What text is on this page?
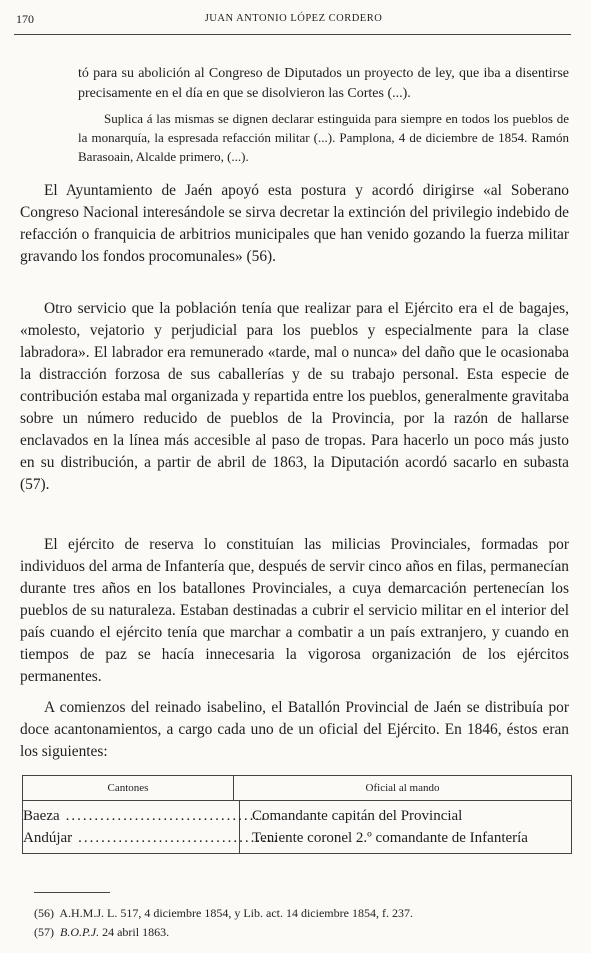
170	JUAN ANTONIO LÓPEZ CORDERO
tó para su abolición al Congreso de Diputados un proyecto de ley, que iba a disentirse precisamente en el día en que se disolvieron las Cortes (...).
Suplica á las mismas se dignen declarar estinguida para siempre en todos los pueblos de la monarquía, la espresada refacción militar (...). Pamplona, 4 de diciembre de 1854. Ramón Barasoain, Alcalde primero, (...).
El Ayuntamiento de Jaén apoyó esta postura y acordó dirigirse «al Soberano Congreso Nacional interesándole se sirva decretar la extinción del privilegio indebido de refacción o franquicia de arbitrios municipales que han venido gozando la fuerza militar gravando los fondos procomunales» (56).
Otro servicio que la población tenía que realizar para el Ejército era el de bagajes, «molesto, vejatorio y perjudicial para los pueblos y especialmente para la clase labradora». El labrador era remunerado «tarde, mal o nunca» del daño que le ocasionaba la distracción forzosa de sus caballerías y de su trabajo personal. Esta especie de contribución estaba mal organizada y repartida entre los pueblos, generalmente gravitaba sobre un número reducido de pueblos de la Provincia, por la razón de hallarse enclavados en la línea más accesible al paso de tropas. Para hacerlo un poco más justo en su distribución, a partir de abril de 1863, la Diputación acordó sacarlo en subasta (57).
El ejército de reserva lo constituían las milicias Provinciales, formadas por individuos del arma de Infantería que, después de servir cinco años en filas, permanecían durante tres años en los batallones Provinciales, a cuya demarcación pertenecían los pueblos de su naturaleza. Estaban destinadas a cubrir el servicio militar en el interior del país cuando el ejército tenía que marchar a combatir a un país extranjero, y cuando en tiempos de paz se hacía innecesaria la vigorosa organización de los ejércitos permanentes.
A comienzos del reinado isabelino, el Batallón Provincial de Jaén se distribuía por doce acantonamientos, a cargo cada uno de un oficial del Ejército. En 1846, éstos eran los siguientes:
Cantones	Oficial al mando
Baeza ...................................
Andújar ...................................
Comandante capitán del Provincial
Teniente coronel 2.º comandante de Infantería
(56) A.H.M.J. L. 517, 4 diciembre 1854, y Lib. act. 14 diciembre 1854, f. 237.
(57) B.O.P.J. 24 abril 1863.
